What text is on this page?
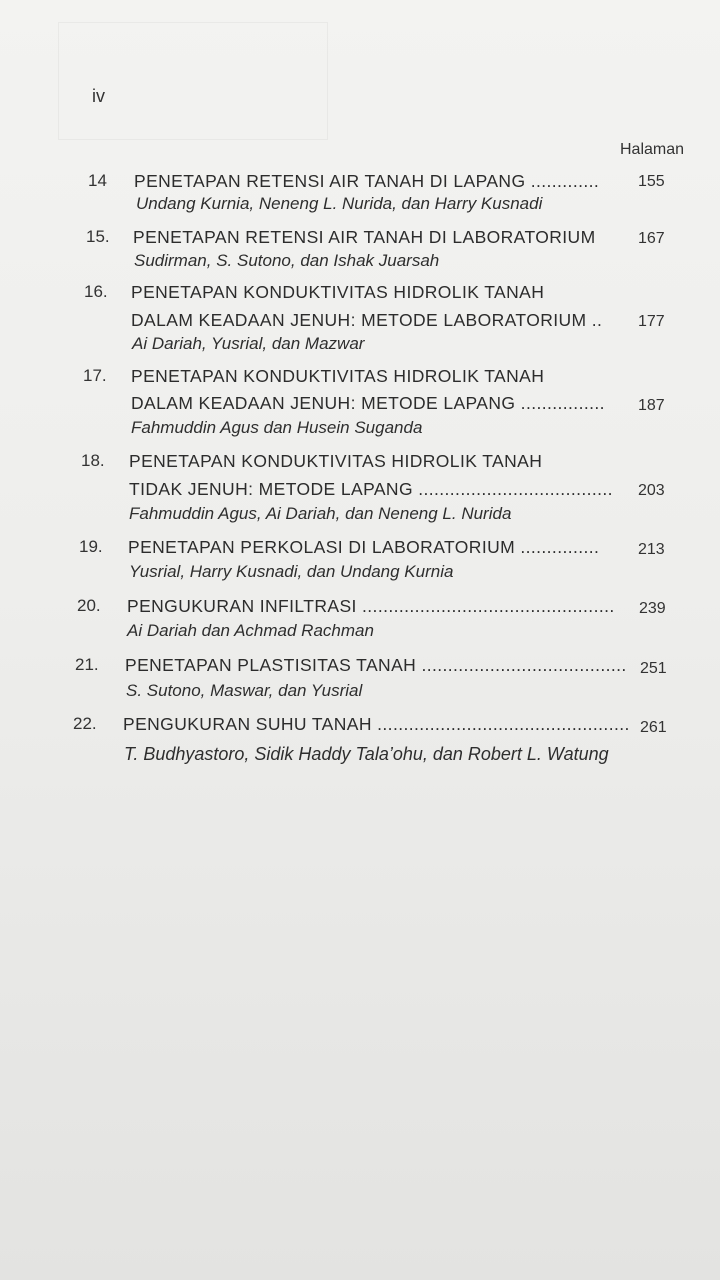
iv
Halaman
14 PENETAPAN RETENSI AIR TANAH DI LAPANG .............
Undang Kurnia, Neneng L. Nurida, dan Harry Kusnadi
155
15. PENETAPAN RETENSI AIR TANAH DI LABORATORIUM
Sudirman, S. Sutono, dan Ishak Juarsah
167
16. PENETAPAN KONDUKTIVITAS HIDROLIK TANAH
DALAM KEADAAN JENUH: METODE LABORATORIUM ..
Ai Dariah, Yusrial, dan Mazwar
177
17. PENETAPAN KONDUKTIVITAS HIDROLIK TANAH
DALAM KEADAAN JENUH: METODE LAPANG ................
Fahmuddin Agus dan Husein Suganda
187
18. PENETAPAN KONDUKTIVITAS HIDROLIK TANAH
TIDAK JENUH: METODE LAPANG .....................................
Fahmuddin Agus, Ai Dariah, dan Neneng L. Nurida
203
19. PENETAPAN PERKOLASI DI LABORATORIUM ...............
Yusrial, Harry Kusnadi, dan Undang Kurnia
213
20. PENGUKURAN INFILTRASI ................................................
Ai Dariah dan Achmad Rachman
239
21. PENETAPAN PLASTISITAS TANAH .......................................
S. Sutono, Maswar, dan Yusrial
251
22. PENGUKURAN SUHU TANAH ................................................
T. Budhyastoro, Sidik Haddy Tala’ohu, dan Robert L. Watung
261
